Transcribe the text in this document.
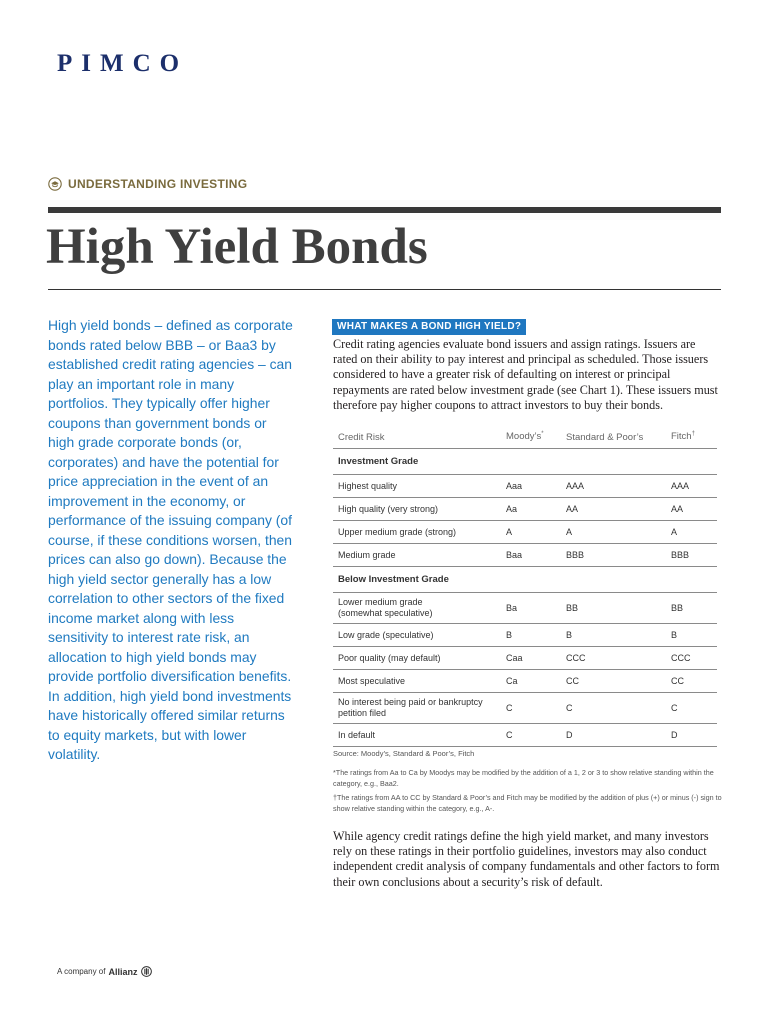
PIMCO
UNDERSTANDING INVESTING
High Yield Bonds
High yield bonds – defined as corporate bonds rated below BBB – or Baa3 by established credit rating agencies – can play an important role in many portfolios. They typically offer higher coupons than government bonds or high grade corporate bonds (or, corporates) and have the potential for price appreciation in the event of an improvement in the economy, or performance of the issuing company (of course, if these conditions worsen, then prices can also go down). Because the high yield sector generally has a low correlation to other sectors of the fixed income market along with less sensitivity to interest rate risk, an allocation to high yield bonds may provide portfolio diversification benefits. In addition, high yield bond investments have historically offered similar returns to equity markets, but with lower volatility.
WHAT MAKES A BOND HIGH YIELD?
Credit rating agencies evaluate bond issuers and assign ratings. Issuers are rated on their ability to pay interest and principal as scheduled. Those issuers considered to have a greater risk of defaulting on interest or principal repayments are rated below investment grade (see Chart 1). These issuers must therefore pay higher coupons to attract investors to buy their bonds.
Credit Risk	Moody’s*	Standard & Poor’s	Fitch†
Investment Grade			
Highest quality	Aaa	AAA	AAA
High quality (very strong)	Aa	AA	AA
Upper medium grade (strong)	A	A	A
Medium grade	Baa	BBB	BBB
Below Investment Grade			
Lower medium grade
(somewhat speculative)	Ba	BB	BB
Low grade (speculative)	B	B	B
Poor quality (may default)	Caa	CCC	CCC
Most speculative	Ca	CC	CC
No interest being paid or bankruptcy
petition filed	C	C	C
In default	C	D	D
Source: Moody’s, Standard & Poor’s, Fitch
*The ratings from Aa to Ca by Moodys may be modified by the addition of a 1, 2 or 3 to show relative standing within the category, e.g., Baa2.
†The ratings from AA to CC by Standard & Poor’s and Fitch may be modified by the addition of plus (+) or minus (-) sign to show relative standing within the category, e.g., A-.
While agency credit ratings define the high yield market, and many investors rely on these ratings in their portfolio guidelines, investors may also conduct independent credit analysis of company fundamentals and other factors to form their own conclusions about a security’s risk of default.
A company of Allianz
